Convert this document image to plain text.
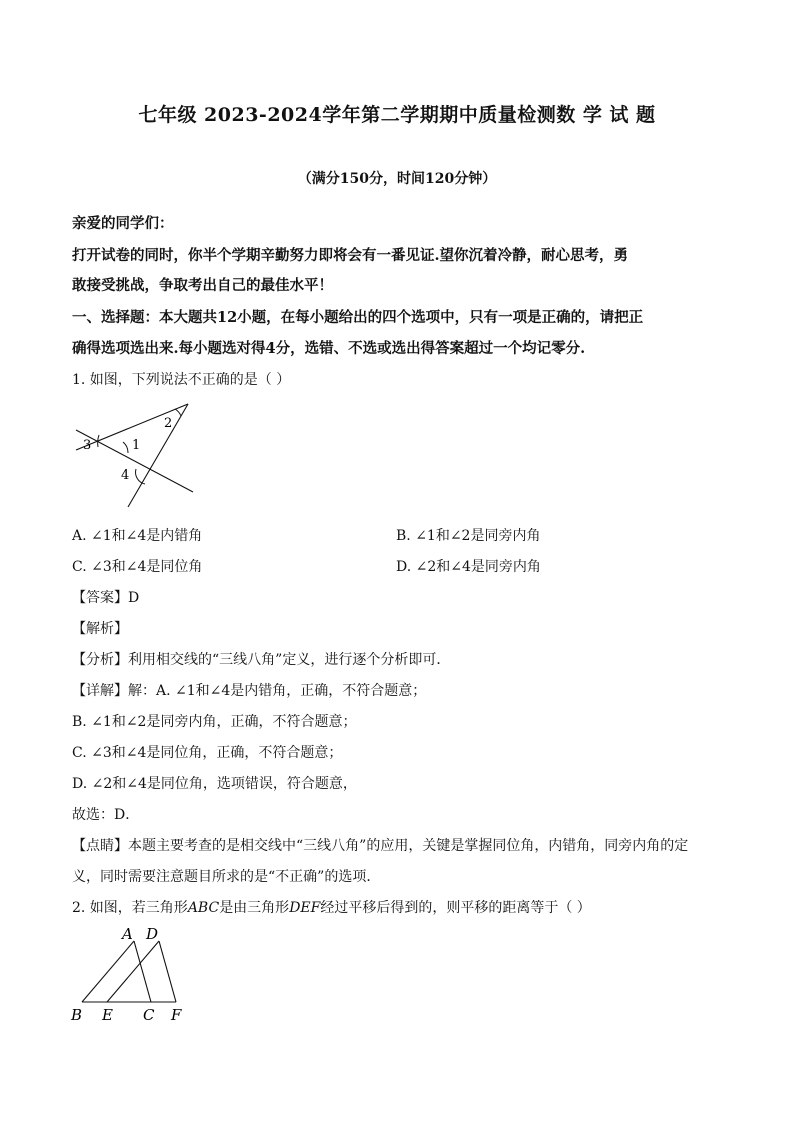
七年级 2023-2024学年第二学期期中质量检测数 学 试 题
（满分150分，时间120分钟）
亲爱的同学们：
打开试卷的同时，你半个学期辛勤努力即将会有一番见证.望你沉着冷静，耐心思考，勇
敢接受挑战，争取考出自己的最佳水平！
一、选择题：本大题共12小题，在每小题给出的四个选项中，只有一项是正确的，请把正
确得选项选出来.每小题选对得4分，选错、不选或选出得答案超过一个均记零分.
1. 如图，下列说法不正确的是（ ）
1
2
3
4
A. ∠1和∠4是内错角	B. ∠1和∠2是同旁内角
C. ∠3和∠4是同位角	D. ∠2和∠4是同旁内角
【答案】D
【解析】
【分析】利用相交线的“三线八角”定义，进行逐个分析即可．
【详解】解：A. ∠1和∠4是内错角，正确，不符合题意；
B. ∠1和∠2是同旁内角，正确，不符合题意；
C. ∠3和∠4是同位角，正确，不符合题意；
D. ∠2和∠4是同位角，选项错误，符合题意，
故选：D．
【点睛】本题主要考查的是相交线中“三线八角”的应用，关键是掌握同位角，内错角，同旁内角的定
义，同时需要注意题目所求的是“不正确”的选项．
2. 如图，若三角形ABC是由三角形DEF经过平移后得到的，则平移的距离等于（ ）
A D
B E C F
